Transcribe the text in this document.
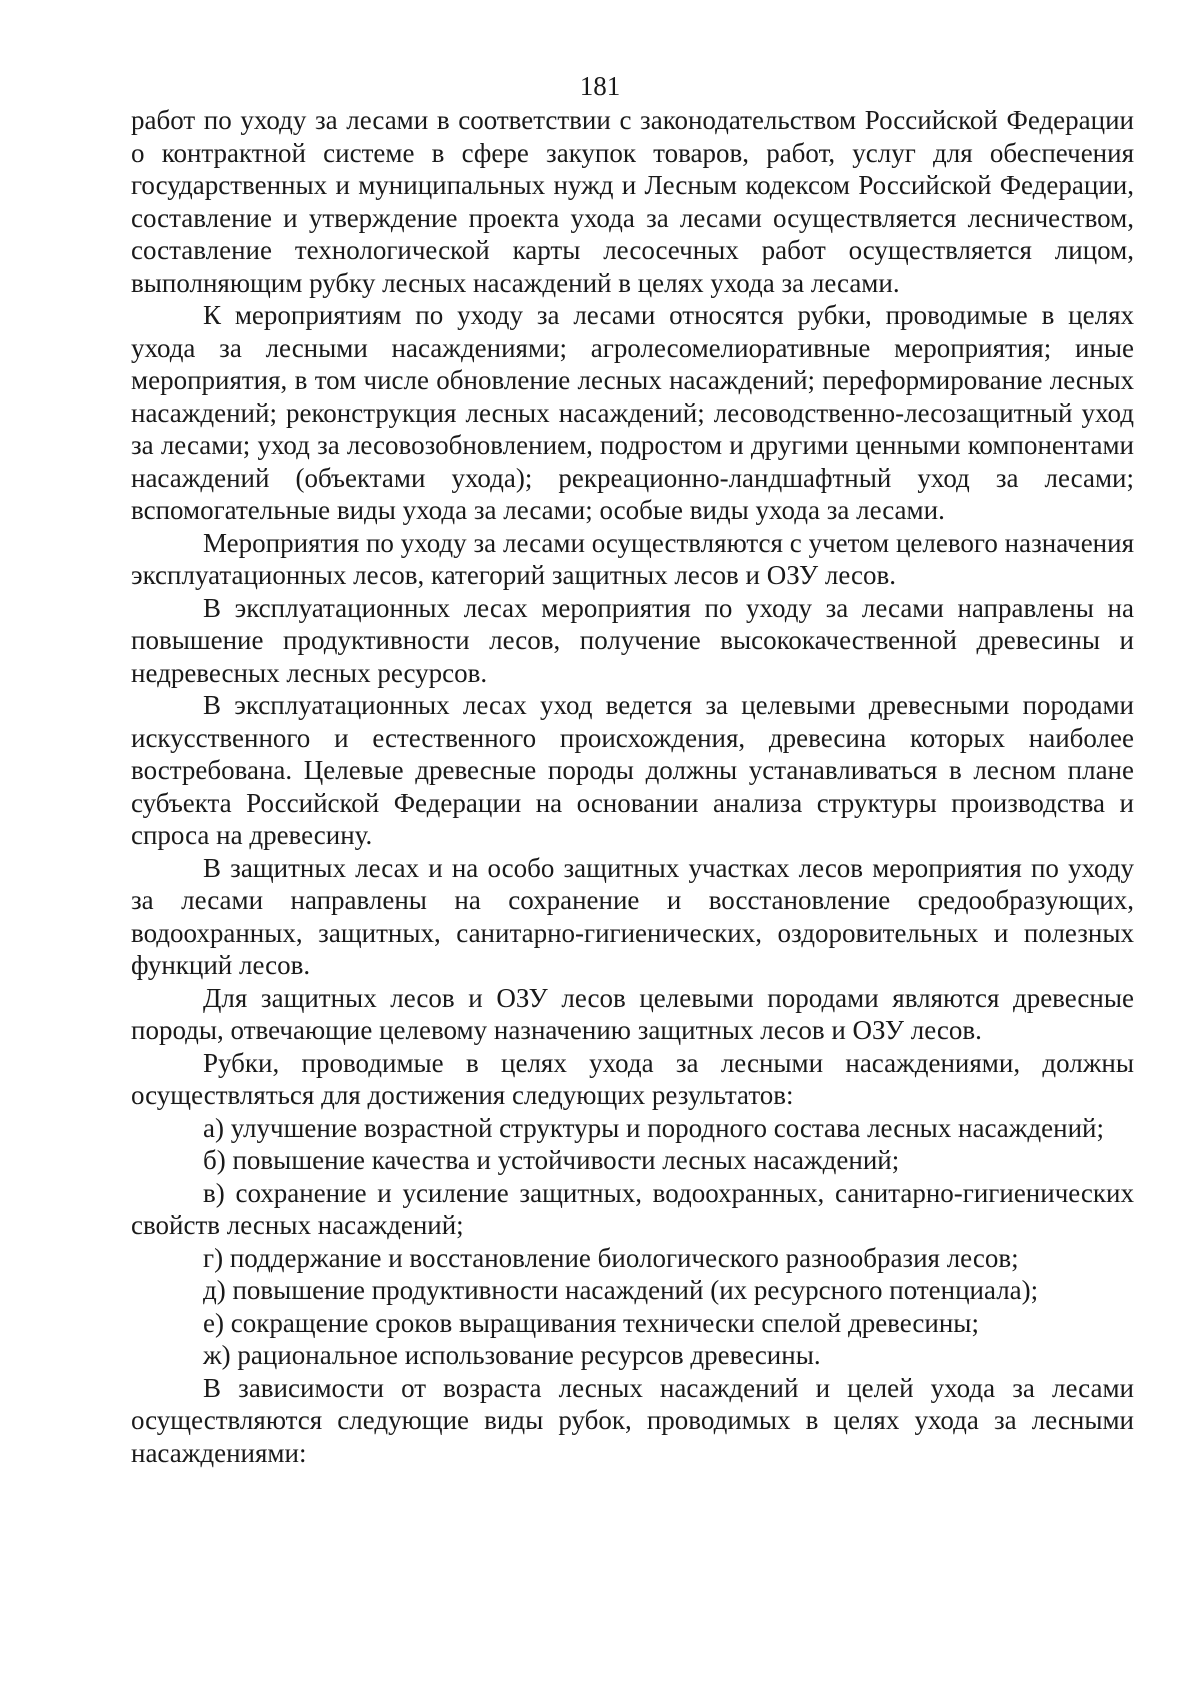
181

работ по уходу за лесами в соответствии с законодательством Российской Федерации о контрактной системе в сфере закупок товаров, работ, услуг для обеспечения государственных и муниципальных нужд и Лесным кодексом Российской Федерации, составление и утверждение проекта ухода за лесами осуществляется лесничеством, составление технологической карты лесосечных работ осуществляется лицом, выполняющим рубку лесных насаждений в целях ухода за лесами.

К мероприятиям по уходу за лесами относятся рубки, проводимые в целях ухода за лесными насаждениями; агролесомелиоративные мероприятия; иные мероприятия, в том числе обновление лесных насаждений; переформирование лесных насаждений; реконструкция лесных насаждений; лесоводственно-лесозащитный уход за лесами; уход за лесовозобновлением, подростом и другими ценными компонентами насаждений (объектами ухода); рекреационно-ландшафтный уход за лесами; вспомогательные виды ухода за лесами; особые виды ухода за лесами.

Мероприятия по уходу за лесами осуществляются с учетом целевого назначения эксплуатационных лесов, категорий защитных лесов и ОЗУ лесов.

В эксплуатационных лесах мероприятия по уходу за лесами направлены на повышение продуктивности лесов, получение высококачественной древесины и недревесных лесных ресурсов.

В эксплуатационных лесах уход ведется за целевыми древесными породами искусственного и естественного происхождения, древесина которых наиболее востребована. Целевые древесные породы должны устанавливаться в лесном плане субъекта Российской Федерации на основании анализа структуры производства и спроса на древесину.

В защитных лесах и на особо защитных участках лесов мероприятия по уходу за лесами направлены на сохранение и восстановление средообразующих, водоохранных, защитных, санитарно-гигиенических, оздоровительных и полезных функций лесов.

Для защитных лесов и ОЗУ лесов целевыми породами являются древесные породы, отвечающие целевому назначению защитных лесов и ОЗУ лесов.

Рубки, проводимые в целях ухода за лесными насаждениями, должны осуществляться для достижения следующих результатов:

а) улучшение возрастной структуры и породного состава лесных насаждений;

б) повышение качества и устойчивости лесных насаждений;

в) сохранение и усиление защитных, водоохранных, санитарно-гигиенических свойств лесных насаждений;

г) поддержание и восстановление биологического разнообразия лесов;

д) повышение продуктивности насаждений (их ресурсного потенциала);

е) сокращение сроков выращивания технически спелой древесины;

ж) рациональное использование ресурсов древесины.

В зависимости от возраста лесных насаждений и целей ухода за лесами осуществляются следующие виды рубок, проводимых в целях ухода за лесными насаждениями:
